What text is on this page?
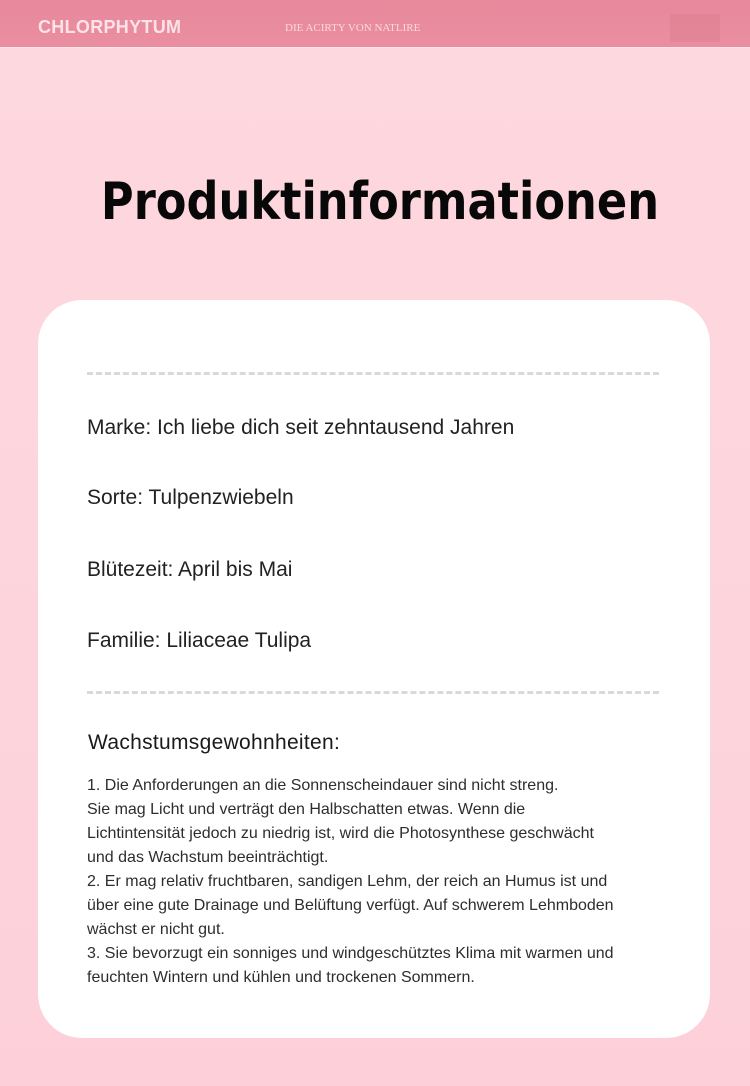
CHLORPHYTUM	DIE ACIRTY VON NATLIRE
Produktinformationen
Marke: Ich liebe dich seit zehntausend Jahren
Sorte: Tulpenzwiebeln
Blütezeit: April bis Mai
Familie: Liliaceae Tulipa
Wachstumsgewohnheiten:
1. Die Anforderungen an die Sonnenscheindauer sind nicht streng.
Sie mag Licht und verträgt den Halbschatten etwas. Wenn die
Lichtintensität jedoch zu niedrig ist, wird die Photosynthese geschwächt
und das Wachstum beeinträchtigt.
2. Er mag relativ fruchtbaren, sandigen Lehm, der reich an Humus ist und
über eine gute Drainage und Belüftung verfügt. Auf schwerem Lehmboden
wächst er nicht gut.
3. Sie bevorzugt ein sonniges und windgeschütztes Klima mit warmen und
feuchten Wintern und kühlen und trockenen Sommern.
